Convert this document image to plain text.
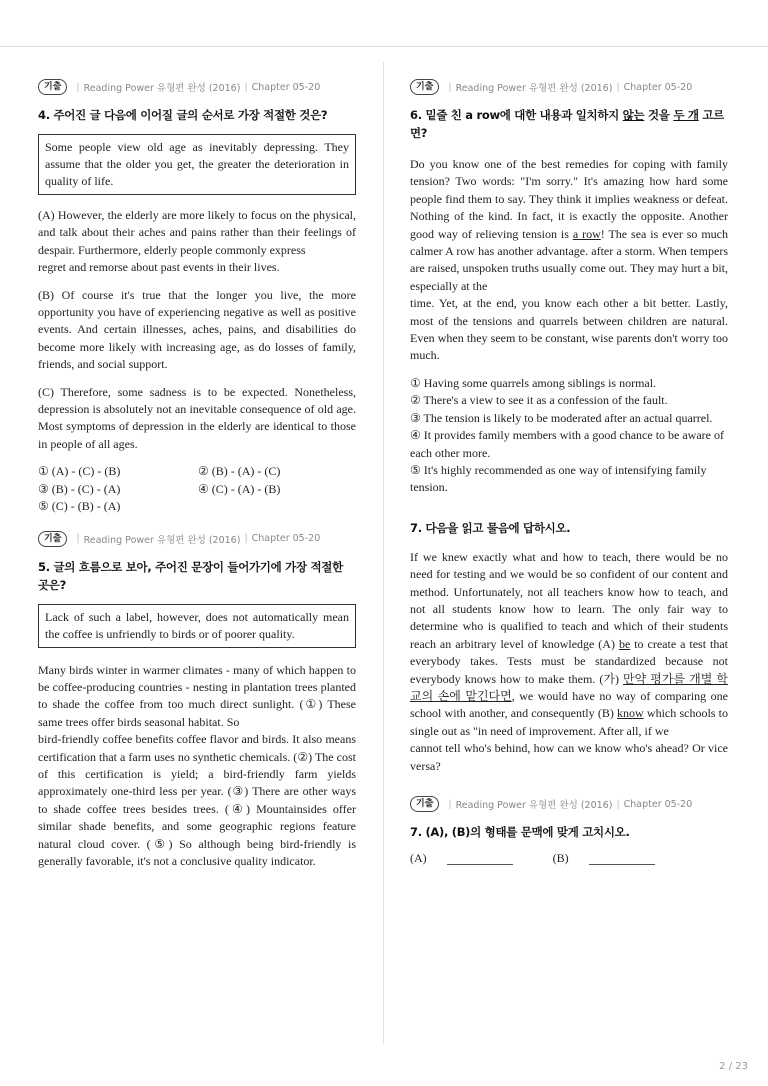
기출	| Reading Power 유형편 완성 (2016) | Chapter 05-20
4. 주어진 글 다음에 이어질 글의 순서로 가장 적절한 것은?
Some people view old age as inevitably depressing. They assume that the older you get, the greater the deterioration in quality of life.

(A) However, the elderly are more likely to focus on the physical, and talk about their aches and pains rather than their feelings of despair. Furthermore, elderly people commonly express
regret and remorse about past events in their lives.

(B) Of course it's true that the longer you live, the more opportunity you have of experiencing negative as well as positive events. And certain illnesses, aches, pains, and disabilities do become more likely with increasing age, as do losses of family, friends, and social support.

(C) Therefore, some sadness is to be expected. Nonetheless, depression is absolutely not an inevitable consequence of old age. Most symptoms of depression in the elderly are identical to those in people of all ages.

① (A) - (C) - (B)	② (B) - (A) - (C)
③ (B) - (C) - (A)	④ (C) - (A) - (B)
⑤ (C) - (B) - (A)
기출	| Reading Power 유형편 완성 (2016) | Chapter 05-20
5. 글의 흐름으로 보아, 주어진 문장이 들어가기에 가장 적절한 곳은?
Lack of such a label, however, does not automatically mean the coffee is unfriendly to birds or of poorer quality.

Many birds winter in warmer climates - many of which happen to be coffee-producing countries - nesting in plantation trees planted to shade the coffee from too much direct sunlight. (①) These same trees offer birds seasonal habitat. So
bird-friendly coffee benefits coffee flavor and birds. It also means certification that a farm uses no synthetic chemicals. (②) The cost of this certification is yield; a bird-friendly farm yields approximately one-third less per year. (③) There are other ways to shade coffee trees besides trees. (④) Mountainsides offer similar shade benefits, and some geographic regions feature natural cloud cover. (⑤) So although being bird-friendly is generally favorable, it's not a conclusive quality indicator.

기출	| Reading Power 유형편 완성 (2016) | Chapter 05-20
6. 밑줄 친 a row에 대한 내용과 일치하지 않는 것을 두 개 고르면?

Do you know one of the best remedies for coping with family tension? Two words: "I'm sorry." It's amazing how hard some people find them to say. They think it implies weakness or defeat. Nothing of the kind. In fact, it is exactly the opposite. Another good way of relieving tension is a row! The sea is ever so much calmer A row has another advantage. after a storm. When tempers are raised, unspoken truths usually come out. They may hurt a bit, especially at the
time. Yet, at the end, you know each other a bit better. Lastly, most of the tensions and quarrels between children are natural. Even when they seem to be constant, wise parents don't worry too much.

① Having some quarrels among siblings is normal.
② There's a view to see it as a confession of the fault.
③ The tension is likely to be moderated after an actual quarrel.
④ It provides family members with a good chance to be aware of each other more.
⑤ It's highly recommended as one way of intensifying family tension.
7. 다음을 읽고 물음에 답하시오.

If we knew exactly what and how to teach, there would be no need for testing and we would be so confident of our content and method. Unfortunately, not all teachers know how to teach, and not all students know how to learn. The only fair way to determine who is qualified to teach and which of their students reach an arbitrary level of knowledge (A) be to create a test that everybody takes. Tests must be standardized because not everybody knows how to make them. (가) 만약 평가를 개별 학교의 손에 맡긴다면, we would have no way of comparing one school with another, and consequently (B) know which schools to single out as "in need of improvement. After all, if we
cannot tell who's behind, how can we know who's ahead? Or vice versa?

기출	| Reading Power 유형편 완성 (2016) | Chapter 05-20
7. (A), (B)의 형태를 문맥에 맞게 고치시오.
(A)	(B)
2 / 23
